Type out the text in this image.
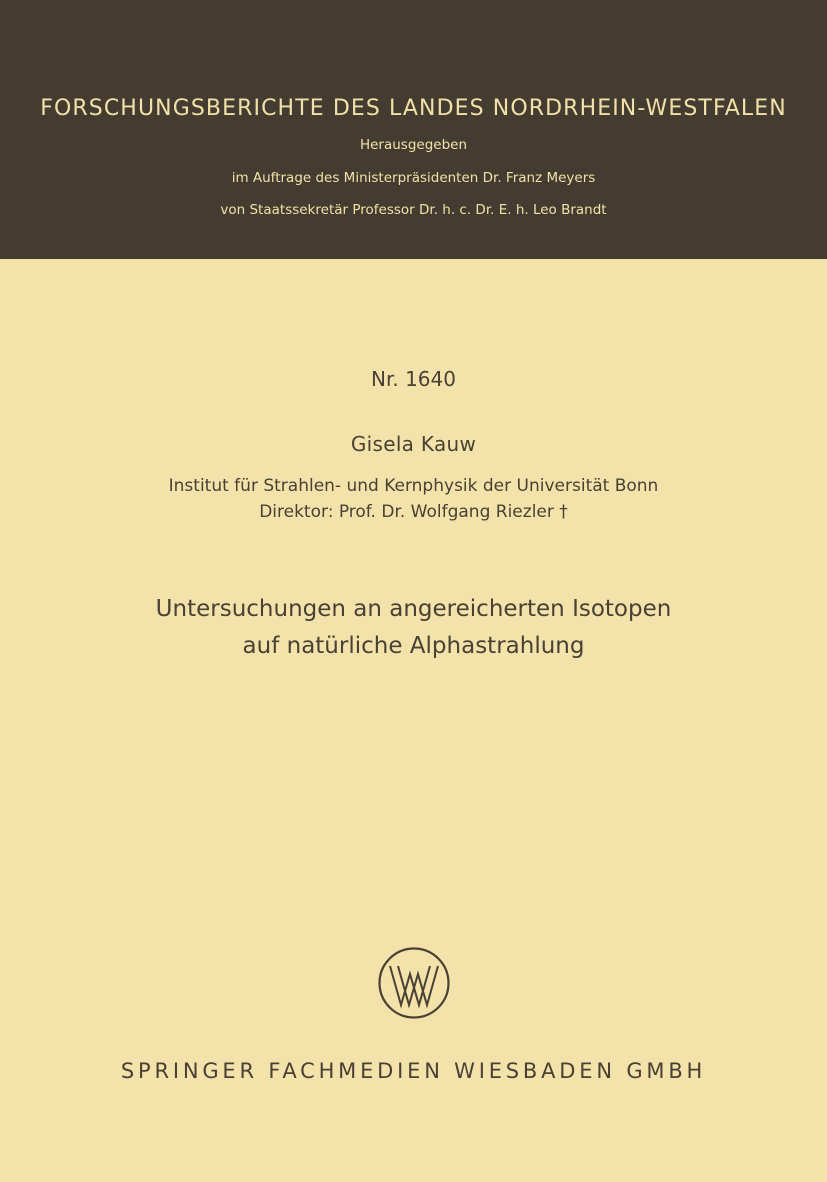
FORSCHUNGSBERICHTE DES LANDES NORDRHEIN-WESTFALEN
Herausgegeben
im Auftrage des Ministerpräsidenten Dr. Franz Meyers
von Staatssekretär Professor Dr. h. c. Dr. E. h. Leo Brandt
Nr. 1640
Gisela Kauw
Institut für Strahlen- und Kernphysik der Universität Bonn
Direktor: Prof. Dr. Wolfgang Riezler †
Untersuchungen an angereicherten Isotopen
auf natürliche Alphastrahlung
SPRINGER FACHMEDIEN WIESBADEN GMBH
